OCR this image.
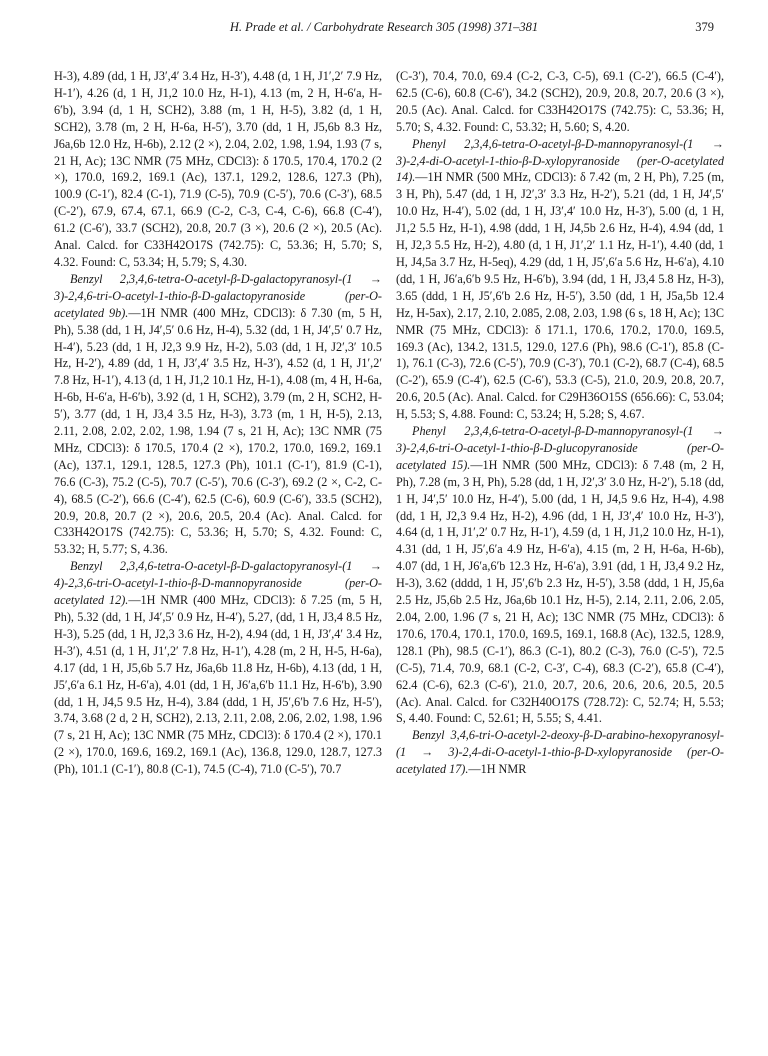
H. Prade et al. / Carbohydrate Research 305 (1998) 371–381	379

H-3), 4.89 (dd, 1 H, J3′,4′ 3.4 Hz, H-3′), 4.48 (d, 1 H, J1′,2′ 7.9 Hz, H-1′), 4.26 (d, 1 H, J1,2 10.0 Hz, H-1), 4.13 (m, 2 H, H-6′a, H-6′b), 3.94 (d, 1 H, SCH2), 3.88 (m, 1 H, H-5), 3.82 (d, 1 H, SCH2), 3.78 (m, 2 H, H-6a, H-5′), 3.70 (dd, 1 H, J5,6b 8.3 Hz, J6a,6b 12.0 Hz, H-6b), 2.12 (2 ×), 2.04, 2.02, 1.98, 1.94, 1.93 (7 s, 21 H, Ac); 13C NMR (75 MHz, CDCl3): δ 170.5, 170.4, 170.2 (2 ×), 170.0, 169.2, 169.1 (Ac), 137.1, 129.2, 128.6, 127.3 (Ph), 100.9 (C-1′), 82.4 (C-1), 71.9 (C-5), 70.9 (C-5′), 70.6 (C-3′), 68.5 (C-2′), 67.9, 67.4, 67.1, 66.9 (C-2, C-3, C-4, C-6), 66.8 (C-4′), 61.2 (C-6′), 33.7 (SCH2), 20.8, 20.7 (3 ×), 20.6 (2 ×), 20.5 (Ac). Anal. Calcd. for C33H42O17S (742.75): C, 53.36; H, 5.70; S, 4.32. Found: C, 53.34; H, 5.79; S, 4.30.

Benzyl 2,3,4,6-tetra-O-acetyl-β-D-galactopyranosyl-(1 → 3)-2,4,6-tri-O-acetyl-1-thio-β-D-galactopyranoside (per-O-acetylated 9b).—1H NMR (400 MHz, CDCl3): δ 7.30 (m, 5 H, Ph), 5.38 (dd, 1 H, J4′,5′ 0.6 Hz, H-4), 5.32 (dd, 1 H, J4′,5′ 0.7 Hz, H-4′), 5.23 (dd, 1 H, J2,3 9.9 Hz, H-2), 5.03 (dd, 1 H, J2′,3′ 10.5 Hz, H-2′), 4.89 (dd, 1 H, J3′,4′ 3.5 Hz, H-3′), 4.52 (d, 1 H, J1′,2′ 7.8 Hz, H-1′), 4.13 (d, 1 H, J1,2 10.1 Hz, H-1), 4.08 (m, 4 H, H-6a, H-6b, H-6′a, H-6′b), 3.92 (d, 1 H, SCH2), 3.79 (m, 2 H, SCH2, H-5′), 3.77 (dd, 1 H, J3,4 3.5 Hz, H-3), 3.73 (m, 1 H, H-5), 2.13, 2.11, 2.08, 2.02, 2.02, 1.98, 1.94 (7 s, 21 H, Ac); 13C NMR (75 MHz, CDCl3): δ 170.5, 170.4 (2 ×), 170.2, 170.0, 169.2, 169.1 (Ac), 137.1, 129.1, 128.5, 127.3 (Ph), 101.1 (C-1′), 81.9 (C-1), 76.6 (C-3), 75.2 (C-5), 70.7 (C-5′), 70.6 (C-3′), 69.2 (2 ×, C-2, C-4), 68.5 (C-2′), 66.6 (C-4′), 62.5 (C-6), 60.9 (C-6′), 33.5 (SCH2), 20.9, 20.8, 20.7 (2 ×), 20.6, 20.5, 20.4 (Ac). Anal. Calcd. for C33H42O17S (742.75): C, 53.36; H, 5.70; S, 4.32. Found: C, 53.32; H, 5.77; S, 4.36.

Benzyl 2,3,4,6-tetra-O-acetyl-β-D-galactopyranosyl-(1 → 4)-2,3,6-tri-O-acetyl-1-thio-β-D-mannopyranoside (per-O-acetylated 12).—1H NMR (400 MHz, CDCl3): δ 7.25 (m, 5 H, Ph), 5.32 (dd, 1 H, J4′,5′ 0.9 Hz, H-4′), 5.27, (dd, 1 H, J3,4 8.5 Hz, H-3), 5.25 (dd, 1 H, J2,3 3.6 Hz, H-2), 4.94 (dd, 1 H, J3′,4′ 3.4 Hz, H-3′), 4.51 (d, 1 H, J1′,2′ 7.8 Hz, H-1′), 4.28 (m, 2 H, H-5, H-6a), 4.17 (dd, 1 H, J5,6b 5.7 Hz, J6a,6b 11.8 Hz, H-6b), 4.13 (dd, 1 H, J5′,6′a 6.1 Hz, H-6′a), 4.01 (dd, 1 H, J6′a,6′b 11.1 Hz, H-6′b), 3.90 (dd, 1 H, J4,5 9.5 Hz, H-4), 3.84 (ddd, 1 H, J5′,6′b 7.6 Hz, H-5′), 3.74, 3.68 (2 d, 2 H, SCH2), 2.13, 2.11, 2.08, 2.06, 2.02, 1.98, 1.96 (7 s, 21 H, Ac); 13C NMR (75 MHz, CDCl3): δ 170.4 (2 ×), 170.1 (2 ×), 170.0, 169.6, 169.2, 169.1 (Ac), 136.8, 129.0, 128.7, 127.3 (Ph), 101.1 (C-1′), 80.8 (C-1), 74.5 (C-4), 71.0 (C-5′), 70.7

(C-3′), 70.4, 70.0, 69.4 (C-2, C-3, C-5), 69.1 (C-2′), 66.5 (C-4′), 62.5 (C-6), 60.8 (C-6′), 34.2 (SCH2), 20.9, 20.8, 20.7, 20.6 (3 ×), 20.5 (Ac). Anal. Calcd. for C33H42O17S (742.75): C, 53.36; H, 5.70; S, 4.32. Found: C, 53.32; H, 5.60; S, 4.20.

Phenyl 2,3,4,6-tetra-O-acetyl-β-D-mannopyranosyl-(1 → 3)-2,4-di-O-acetyl-1-thio-β-D-xylopyranoside (per-O-acetylated 14).—1H NMR (500 MHz, CDCl3): δ 7.42 (m, 2 H, Ph), 7.25 (m, 3 H, Ph), 5.47 (dd, 1 H, J2′,3′ 3.3 Hz, H-2′), 5.21 (dd, 1 H, J4′,5′ 10.0 Hz, H-4′), 5.02 (dd, 1 H, J3′,4′ 10.0 Hz, H-3′), 5.00 (d, 1 H, J1,2 5.5 Hz, H-1), 4.98 (ddd, 1 H, J4,5b 2.6 Hz, H-4), 4.94 (dd, 1 H, J2,3 5.5 Hz, H-2), 4.80 (d, 1 H, J1′,2′ 1.1 Hz, H-1′), 4.40 (dd, 1 H, J4,5a 3.7 Hz, H-5eq), 4.29 (dd, 1 H, J5′,6′a 5.6 Hz, H-6′a), 4.10 (dd, 1 H, J6′a,6′b 9.5 Hz, H-6′b), 3.94 (dd, 1 H, J3,4 5.8 Hz, H-3), 3.65 (ddd, 1 H, J5′,6′b 2.6 Hz, H-5′), 3.50 (dd, 1 H, J5a,5b 12.4 Hz, H-5ax), 2.17, 2.10, 2.085, 2.08, 2.03, 1.98 (6 s, 18 H, Ac); 13C NMR (75 MHz, CDCl3): δ 171.1, 170.6, 170.2, 170.0, 169.5, 169.3 (Ac), 134.2, 131.5, 129.0, 127.6 (Ph), 98.6 (C-1′), 85.8 (C-1), 76.1 (C-3), 72.6 (C-5′), 70.9 (C-3′), 70.1 (C-2), 68.7 (C-4), 68.5 (C-2′), 65.9 (C-4′), 62.5 (C-6′), 53.3 (C-5), 21.0, 20.9, 20.8, 20.7, 20.6, 20.5 (Ac). Anal. Calcd. for C29H36O15S (656.66): C, 53.04; H, 5.53; S, 4.88. Found: C, 53.24; H, 5.28; S, 4.67.

Phenyl 2,3,4,6-tetra-O-acetyl-β-D-mannopyranosyl-(1 → 3)-2,4,6-tri-O-acetyl-1-thio-β-D-glucopyranoside (per-O-acetylated 15).—1H NMR (500 MHz, CDCl3): δ 7.48 (m, 2 H, Ph), 7.28 (m, 3 H, Ph), 5.28 (dd, 1 H, J2′,3′ 3.0 Hz, H-2′), 5.18 (dd, 1 H, J4′,5′ 10.0 Hz, H-4′), 5.00 (dd, 1 H, J4,5 9.6 Hz, H-4), 4.98 (dd, 1 H, J2,3 9.4 Hz, H-2), 4.96 (dd, 1 H, J3′,4′ 10.0 Hz, H-3′), 4.64 (d, 1 H, J1′,2′ 0.7 Hz, H-1′), 4.59 (d, 1 H, J1,2 10.0 Hz, H-1), 4.31 (dd, 1 H, J5′,6′a 4.9 Hz, H-6′a), 4.15 (m, 2 H, H-6a, H-6b), 4.07 (dd, 1 H, J6′a,6′b 12.3 Hz, H-6′a), 3.91 (dd, 1 H, J3,4 9.2 Hz, H-3), 3.62 (dddd, 1 H, J5′,6′b 2.3 Hz, H-5′), 3.58 (ddd, 1 H, J5,6a 2.5 Hz, J5,6b 2.5 Hz, J6a,6b 10.1 Hz, H-5), 2.14, 2.11, 2.06, 2.05, 2.04, 2.00, 1.96 (7 s, 21 H, Ac); 13C NMR (75 MHz, CDCl3): δ 170.6, 170.4, 170.1, 170.0, 169.5, 169.1, 168.8 (Ac), 132.5, 128.9, 128.1 (Ph), 98.5 (C-1′), 86.3 (C-1), 80.2 (C-3), 76.0 (C-5′), 72.5 (C-5), 71.4, 70.9, 68.1 (C-2, C-3′, C-4), 68.3 (C-2′), 65.8 (C-4′), 62.4 (C-6), 62.3 (C-6′), 21.0, 20.7, 20.6, 20.6, 20.6, 20.5, 20.5 (Ac). Anal. Calcd. for C32H40O17S (728.72): C, 52.74; H, 5.53; S, 4.40. Found: C, 52.61; H, 5.55; S, 4.41.

Benzyl 3,4,6-tri-O-acetyl-2-deoxy-β-D-arabino-hexopyranosyl-(1 → 3)-2,4-di-O-acetyl-1-thio-β-D-xylopyranoside (per-O-acetylated 17).—1H NMR
